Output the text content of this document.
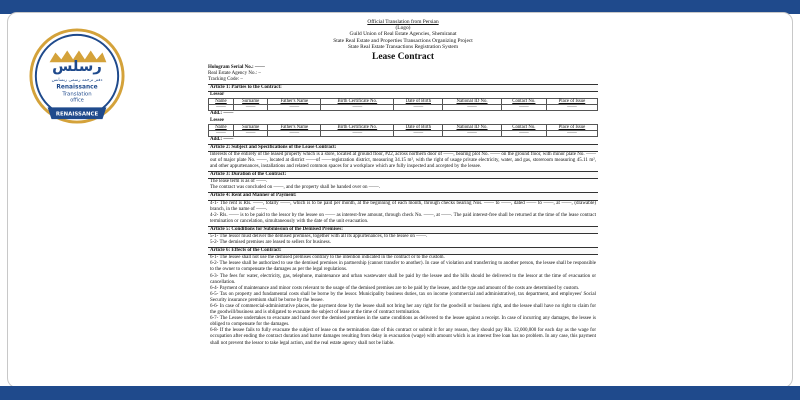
رسلس
دفتر ترجمه رسمی رنسانس
Renaissance
Translation
office
RENAISSANCE
Official Translation from Persian
(Logo)
Guild Union of Real Estate Agencies, Shemiranat
State Real Estate and Properties Transactions Organizing Project
State Real Estate Transactions Registration System
Lease Contract
Hologram Serial No.: ——
Real Estate Agency No.: –
Tracking Code: –
Article 1: Parties to the Contract:
Lessor
Name	Surname	Father's Name	Birth Certificate No.	Date of Birth	National ID No.	Contact No.	Place of Issue
——	——	——	——	——	——	——	——
Add.: ——
Lessee
Name	Surname	Father's Name	Birth Certificate No.	Date of Birth	National ID No.	Contact No.	Place of Issue
——	——	——	——	——	——	——	——
Add.: ——
Article 2: Subject and Specifications of the Lease Contract:
Interests of the entirety of the leased property which is a store, located at ground floor, #22, across northern door of ——, bearing plot No. —— on the ground floor, with minor plate No. —— out of major plate No. ——, located at district ——of ——registration district, measuring 34.15 m², with the right of usage private electricity, water, and gas, storeroom measuring 45.11 m², and other appurtenances, installations and related common spaces for a workplace which are fully inspected and accepted by the lessee.
Article 3: Duration of the Contract:
The lease term is as of ——.
The contract was concluded on ——, and the property shall be handed over on ——.
Article 4: Rent and Manner of Payment:
4-1- The rent is Rls. ——, totally ——, which is to be paid per month, at the beginning of each month, through checks bearing Nos. —— to ——, dated —— to ——, at ——, (drawable) branch, in the name of ——.
4-2- Rls. —— is to be paid to the lessor by the lessee on —— as interest-free amount, through check No. ——, at ——. The paid interest-free shall be returned at the time of the lease contract termination or cancelation, simultaneously with the date of the unit evacuation.
Article 5: Conditions for Submission of the Demised Premises:
5-1- The lessor must deliver the demised premises, together with all its appurtenances, to the lessee on ——.
5-2- The demised premises are leased to sellers for business.
Article 6: Effects of the Contract:
6-1- The lessee shall not use the demised premises contrary to the intention indicated in the contract or to the custom.
6-2- The lessee shall be authorized to use the demised premises in partnership (cannot transfer to another). In case of violation and transferring to another person, the lessee shall be responsible to the owner to compensate the damages as per the legal regulations.
6-3- The fees for water, electricity, gas, telephone, maintenance and urban wastewater shall be paid by the lessee and the bills should be delivered to the lessor at the time of evacuation or cancellation.
6-4- Payment of maintenance and minor costs relevant to the usage of the demised premises are to be paid by the lessee, and the type and amount of the costs are determined by custom.
6-5- Tax on property and fundamental costs shall be borne by the lessor. Municipality business duties, tax on income (commercial and administrative), tax department, and employees' Social Security insurance premium shall be borne by the lessee.
6-6- In case of commercial-administrative places, the payment done by the lessee shall not bring her any right for the goodwill or business right, and the lessee shall have no right to claim for the goodwill/business and is obligated to evacuate the subject of lease at the time of contract termination.
6-7- The Lessee undertakes to evacuate and hand over the demised premises in the same conditions as delivered to the lessee against a receipt. In case of incurring any damages, the lessee is obliged to compensate for the damages.
6-8- If the lessee fails to fully evacuate the subject of lease on the termination date of this contract or submit it for any reason, they should pay Rls. 12,000,000 for each day as the wage for occupation after ending the contract duration and barter damages resulting from delay in evacuation (wage) with amount which is as interest free loan has no problem. In any case, this payment shall not prevent the lessor to take legal action, and the real estate agency shall not be liable.
